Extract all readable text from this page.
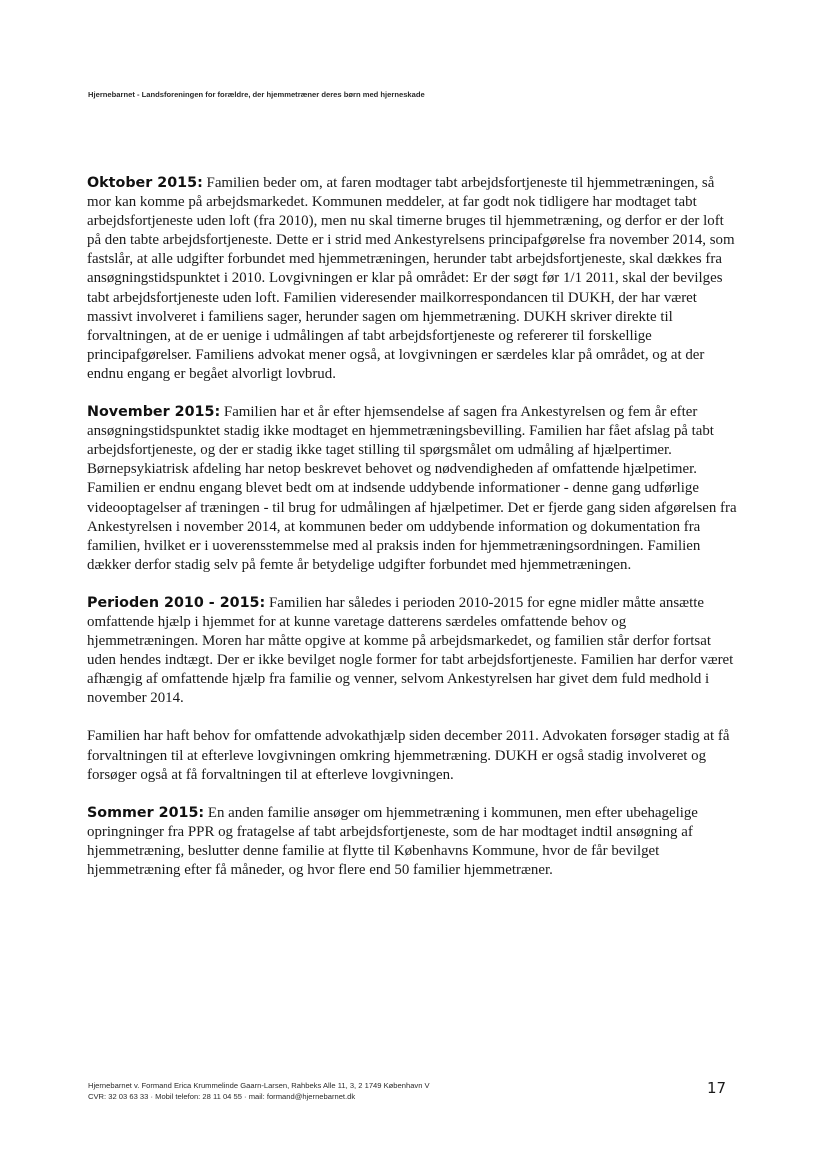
Hjernebarnet - Landsforeningen for forældre, der hjemmetræner deres børn med hjerneskade

Oktober 2015: Familien beder om, at faren modtager tabt arbejdsfortjeneste til hjemmetræningen, så mor kan komme på arbejdsmarkedet. Kommunen meddeler, at far godt nok tidligere har modtaget tabt arbejdsfortjeneste uden loft (fra 2010), men nu skal timerne bruges til hjemmetræning, og derfor er der loft på den tabte arbejdsfortjeneste. Dette er i strid med Ankestyrelsens principafgørelse fra november 2014, som fastslår, at alle udgifter forbundet med hjemmetræningen, herunder tabt arbejdsfortjeneste, skal dækkes fra ansøgningstidspunktet i 2010. Lovgivningen er klar på området: Er der søgt før 1/1 2011, skal der bevilges tabt arbejdsfortjeneste uden loft. Familien videresender mailkorrespondancen til DUKH, der har været massivt involveret i familiens sager, herunder sagen om hjemmetræning. DUKH skriver direkte til forvaltningen, at de er uenige i udmålingen af tabt arbejdsfortjeneste og refererer til forskellige principafgørelser. Familiens advokat mener også, at lovgivningen er særdeles klar på området, og at der endnu engang er begået alvorligt lovbrud.

November 2015: Familien har et år efter hjemsendelse af sagen fra Ankestyrelsen og fem år efter ansøgningstidspunktet stadig ikke modtaget en hjemmetræningsbevilling. Familien har fået afslag på tabt arbejdsfortjeneste, og der er stadig ikke taget stilling til spørgsmålet om udmåling af hjælpertimer. Børnepsykiatrisk afdeling har netop beskrevet behovet og nødvendigheden af omfattende hjælpetimer. Familien er endnu engang blevet bedt om at indsende uddybende informationer - denne gang udførlige videooptagelser af træningen - til brug for udmålingen af hjælpetimer. Det er fjerde gang siden afgørelsen fra Ankestyrelsen i november 2014, at kommunen beder om uddybende information og dokumentation fra familien, hvilket er i uoverensstemmelse med al praksis inden for hjemmetræningsordningen. Familien dækker derfor stadig selv på femte år betydelige udgifter forbundet med hjemmetræningen.

Perioden 2010 - 2015: Familien har således i perioden 2010-2015 for egne midler måtte ansætte omfattende hjælp i hjemmet for at kunne varetage datterens særdeles omfattende behov og hjemmetræningen. Moren har måtte opgive at komme på arbejdsmarkedet, og familien står derfor fortsat uden hendes indtægt. Der er ikke bevilget nogle former for tabt arbejdsfortjeneste. Familien har derfor været afhængig af omfattende hjælp fra familie og venner, selvom Ankestyrelsen har givet dem fuld medhold i november 2014.

Familien har haft behov for omfattende advokathjælp siden december 2011. Advokaten forsøger stadig at få forvaltningen til at efterleve lovgivningen omkring hjemmetræning. DUKH er også stadig involveret og forsøger også at få forvaltningen til at efterleve lovgivningen.

Sommer 2015: En anden familie ansøger om hjemmetræning i kommunen, men efter ubehagelige opringninger fra PPR og fratagelse af tabt arbejdsfortjeneste, som de har modtaget indtil ansøgning af hjemmetræning, beslutter denne familie at flytte til Københavns Kommune, hvor de får bevilget hjemmetræning efter få måneder, og hvor flere end 50 familier hjemmetræner.

Hjernebarnet v. Formand Erica Krummelinde Gaarn-Larsen, Rahbeks Alle 11, 3, 2 1749 København V
CVR: 32 03 63 33 · Mobil telefon: 28 11 04 55 · mail: formand@hjernebarnet.dk	17
